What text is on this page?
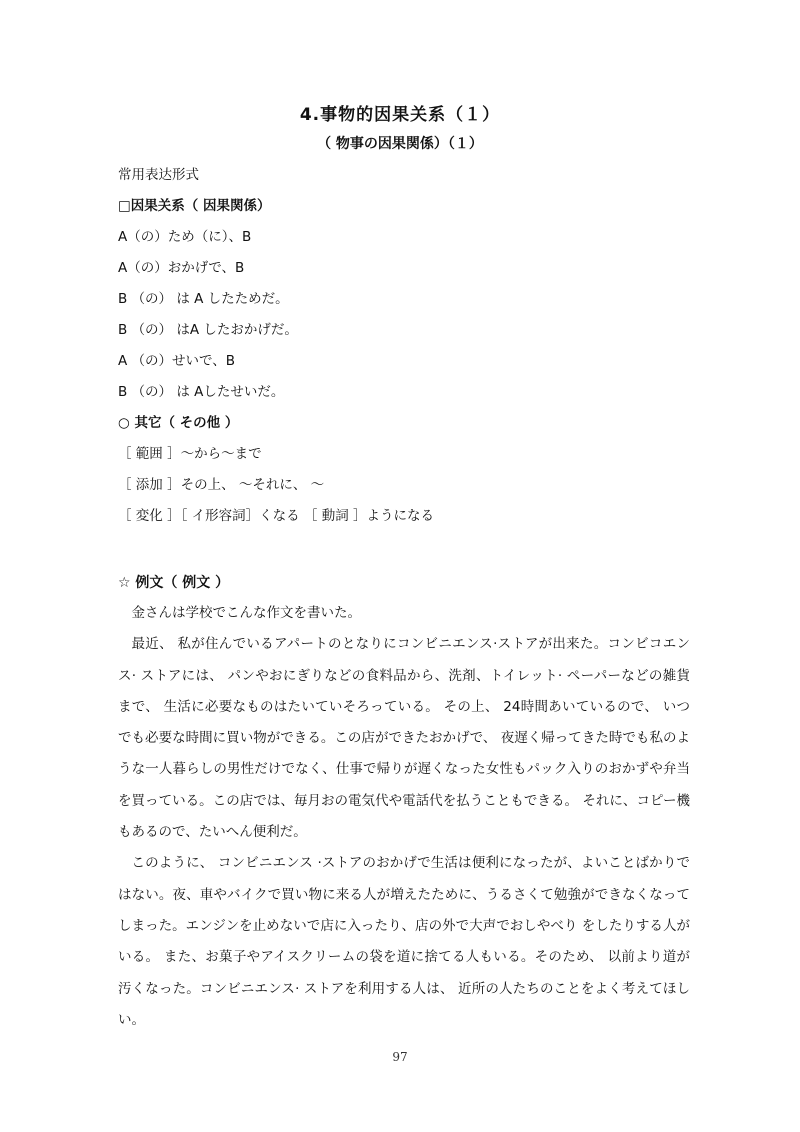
4.事物的因果关系（１）
（ 物事の因果関係）（１）
常用表达形式
□因果关系（ 因果関係）
A（の）ため（に）、B
A（の）おかげで、B
B （の） は A したためだ。
B （の） はA したおかげだ。
A （の）せいで、B
B （の） は Aしたせいだ。
○ 其它（ その他 ）
［ 範囲 ］～から～まで
［ 添加 ］その上、 ～それに、 ～
［ 変化 ］［ イ形容詞］くなる ［ 動詞 ］ようになる
☆ 例文（ 例文 ）

金さんは学校でこんな作文を書いた。

最近、 私が住んでいるアパートのとなりにコンビニエンス·ストアが出来た。コンビコエンス· ストアには、 パンやおにぎりなどの食料品から、洗剤、トイレット· ペーパーなどの雑貨まで、 生活に必要なものはたいていそろっている。 その上、 24時間あいているので、 いつでも必要な時間に買い物ができる。この店ができたおかげで、 夜遅く帰ってきた時でも私のような一人暮らしの男性だけでなく、仕事で帰りが遅くなった女性もパック入りのおかずや弁当を買っている。この店では、毎月おの電気代や電話代を払うこともできる。 それに、コピー機もあるので、たいへん便利だ。

このように、 コンビニエンス ·ストアのおかげで生活は便利になったが、よいことばかりではない。夜、車やバイクで買い物に来る人が増えたために、うるさくて勉強ができなくなってしまった。エンジンを止めないで店に入ったり、店の外で大声でおしやべり をしたりする人がいる。 また、お菓子やアイスクリームの袋を道に捨てる人もいる。そのため、 以前より道が汚くなった。コンビニエンス· ストアを利用する人は、 近所の人たちのことをよく考えてほしい。

97
